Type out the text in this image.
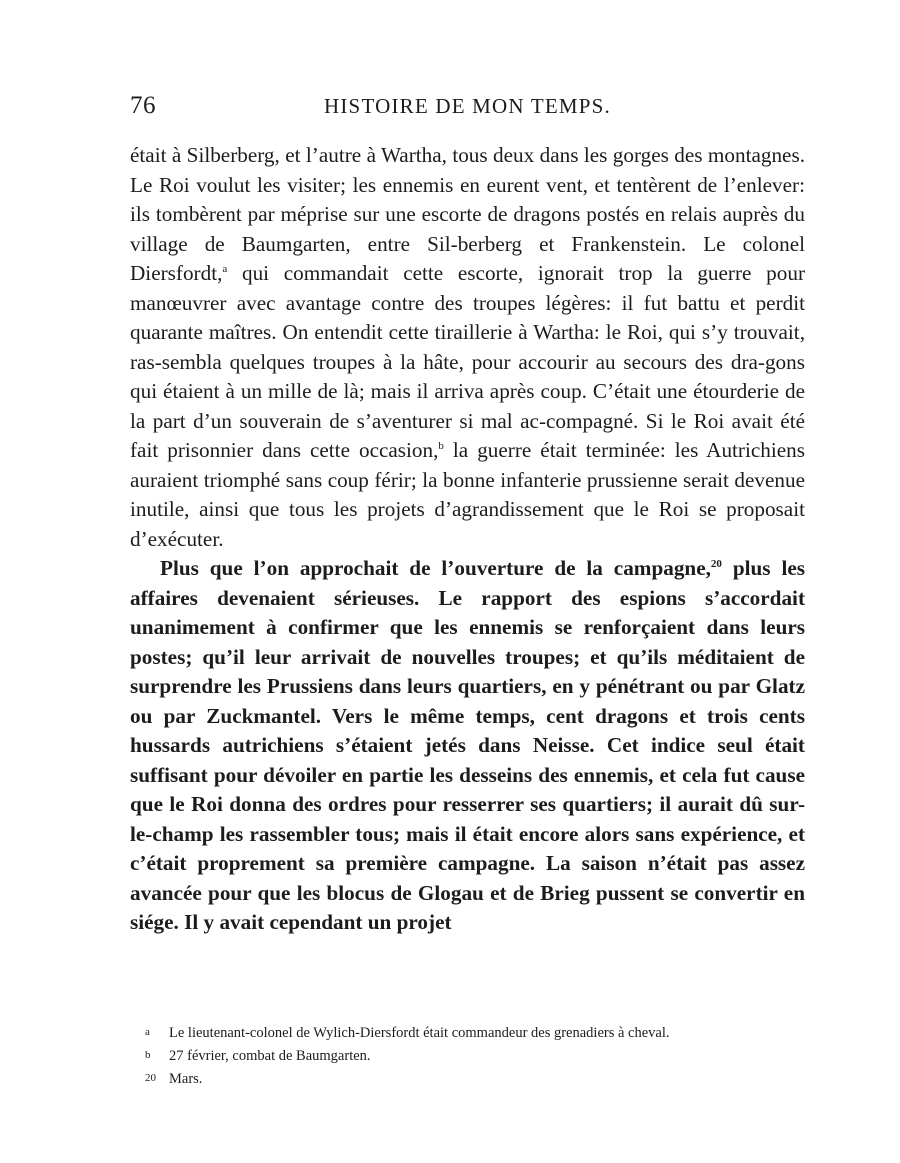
76	HISTOIRE DE MON TEMPS.

était à Silberberg, et l’autre à Wartha, tous deux dans les gorges des montagnes. Le Roi voulut les visiter; les ennemis en eurent vent, et tentèrent de l’enlever: ils tombèrent par méprise sur une escorte de dragons postés en relais auprès du village de Baumgarten, entre Sil-berberg et Frankenstein. Le colonel Diersfordt,$^a$ qui commandait cette escorte, ignorait trop la guerre pour manœuvrer avec avantage contre des troupes légères: il fut battu et perdit quarante maîtres. On entendit cette tiraillerie à Wartha: le Roi, qui s’y trouvait, ras-sembla quelques troupes à la hâte, pour accourir au secours des dra-gons qui étaient à un mille de là; mais il arriva après coup. C’était une étourderie de la part d’un souverain de s’aventurer si mal ac-compagné. Si le Roi avait été fait prisonnier dans cette occasion,$^b$ la guerre était terminée: les Autrichiens auraient triomphé sans coup férir; la bonne infanterie prussienne serait devenue inutile, ainsi que tous les projets d’agrandissement que le Roi se proposait d’exécuter.

Plus que l’on approchait de l’ouverture de la campagne,$^{20}$ plus les affaires devenaient sérieuses. Le rapport des espions s’accordait unanimement à confirmer que les ennemis se renforçaient dans leurs postes; qu’il leur arrivait de nouvelles troupes; et qu’ils méditaient de surprendre les Prussiens dans leurs quartiers, en y pénétrant ou par Glatz ou par Zuckmantel. Vers le même temps, cent dragons et trois cents hussards autrichiens s’étaient jetés dans Neisse. Cet indice seul était suffisant pour dévoiler en partie les desseins des ennemis, et cela fut cause que le Roi donna des ordres pour resserrer ses quartiers; il aurait dû sur-le-champ les rassembler tous; mais il était encore alors sans expérience, et c’était proprement sa première campagne. La saison n’était pas assez avancée pour que les blocus de Glogau et de Brieg pussent se convertir en siége. Il y avait cependant un projet

a	Le lieutenant-colonel de Wylich-Diersfordt était commandeur des grenadiers à cheval.
b	27 février, combat de Baumgarten.
20 Mars.
